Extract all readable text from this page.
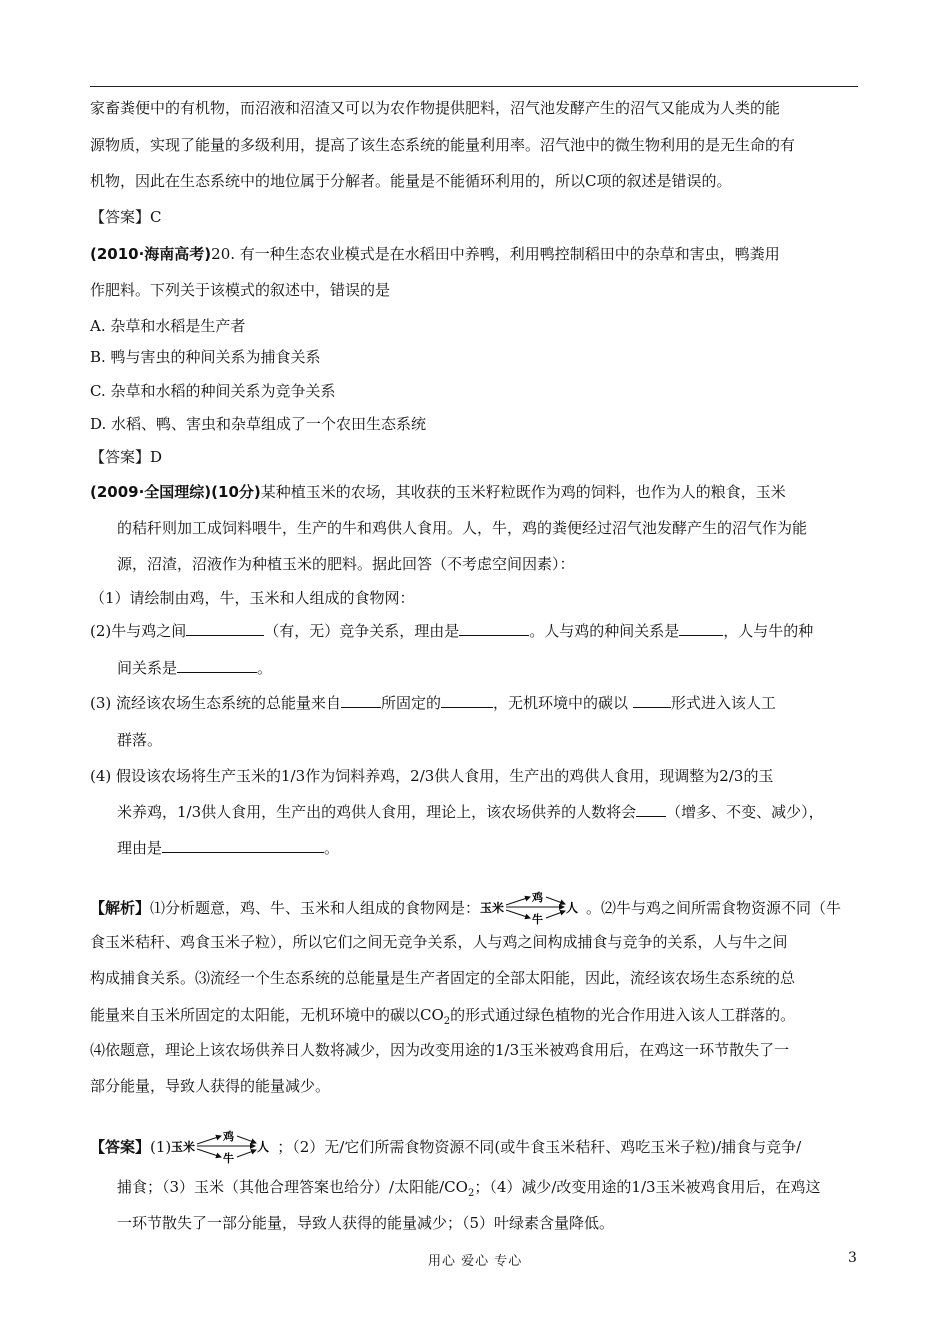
家畜粪便中的有机物，而沼液和沼渣又可以为农作物提供肥料，沼气池发酵产生的沼气又能成为人类的能
源物质，实现了能量的多级利用，提高了该生态系统的能量利用率。沼气池中的微生物利用的是无生命的有
机物，因此在生态系统中的地位属于分解者。能量是不能循环利用的，所以C项的叙述是错误的。
【答案】C
(2010·海南高考)20. 有一种生态农业模式是在水稻田中养鸭，利用鸭控制稻田中的杂草和害虫，鸭粪用
作肥料。下列关于该模式的叙述中，错误的是
A. 杂草和水稻是生产者
B. 鸭与害虫的种间关系为捕食关系
C. 杂草和水稻的种间关系为竞争关系
D. 水稻、鸭、害虫和杂草组成了一个农田生态系统
【答案】D
(2009·全国理综)(10分)某种植玉米的农场，其收获的玉米籽粒既作为鸡的饲料，也作为人的粮食，玉米
的秸秆则加工成饲料喂牛，生产的牛和鸡供人食用。人，牛，鸡的粪便经过沼气池发酵产生的沼气作为能
源，沼渣，沼液作为种植玉米的肥料。据此回答（不考虑空间因素）：
（1）请绘制由鸡，牛，玉米和人组成的食物网：
(2)牛与鸡之间	（有，无）竞争关系，理由是	。人与鸡的种间关系是	，人与牛的种
间关系是	。
(3) 流经该农场生态系统的总能量来自	所固定的	，无机环境中的碳以	形式进入该人工
群落。
(4) 假设该农场将生产玉米的1/3作为饲料养鸡，2/3供人食用，生产出的鸡供人食用，现调整为2/3的玉
米养鸡，1/3供人食用，生产出的鸡供人食用，理论上，该农场供养的人数将会 （增多、不变、减少），
理由是	。
【解析】⑴分析题意，鸡、牛、玉米和人组成的食物网是： 玉米
鸡
人
牛
。⑵牛与鸡之间所需食物资源不同（牛
食玉米秸秆、鸡食玉米子粒），所以它们之间无竞争关系，人与鸡之间构成捕食与竞争的关系，人与牛之间
构成捕食关系。⑶流经一个生态系统的总能量是生产者固定的全部太阳能，因此，流经该农场生态系统的总
能量来自玉米所固定的太阳能，无机环境中的碳以$CO_2$的形式通过绿色植物的光合作用进入该人工群落的。
⑷依题意，理论上该农场供养日人数将减少，因为改变用途的1/3玉米被鸡食用后，在鸡这一环节散失了一
部分能量，导致人获得的能量减少。
【答案】(1) 玉米
鸡
人
牛
；（2）无/它们所需食物资源不同(或牛食玉米秸秆、鸡吃玉米子粒)/捕食与竞争/
捕食；（3）玉米（其他合理答案也给分）/太阳能$/CO_2$；（4）减少/改变用途的1/3玉米被鸡食用后，在鸡这
一环节散失了一部分能量，导致人获得的能量减少；（5）叶绿素含量降低。
用心 爱心 专心	3
